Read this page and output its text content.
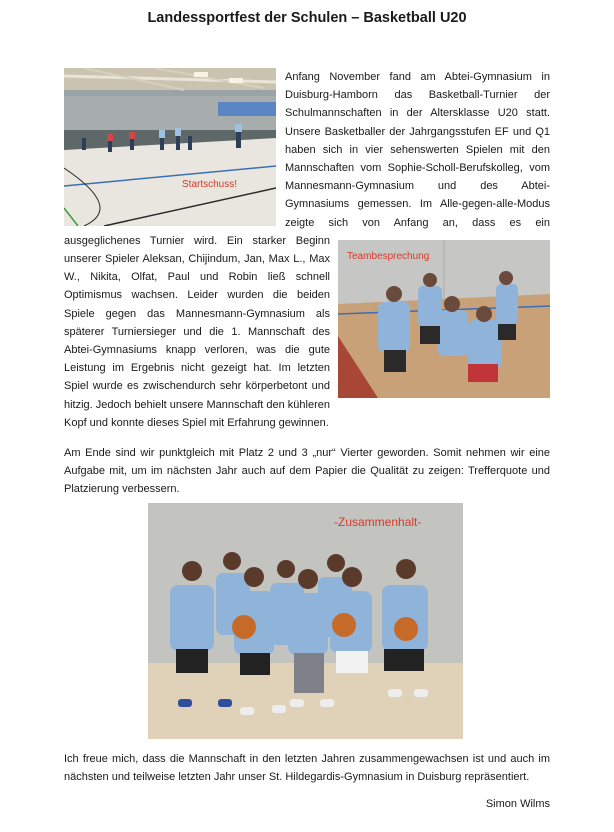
Landessportfest der Schulen – Basketball U20
Startschuss!
Teambesprechung

Anfang November fand am Abtei-Gymnasium in Duisburg-Hamborn das Basketball-Turnier der Schulmannschaften in der Altersklasse U20 statt. Unsere Basketballer der Jahrgangsstufen EF und Q1 haben sich in vier sehenswerten Spielen mit den Mannschaften vom Sophie-Scholl-Berufskolleg, vom Mannesmann-Gymnasium und des Abtei-Gymnasiums gemessen. Im Alle-gegen-alle-Modus zeigte sich von Anfang an, dass es ein ausgeglichenes Turnier wird. Ein starker Beginn unserer Spieler Aleksan, Chijindum, Jan, Max L., Max W., Nikita, Olfat, Paul und Robin ließ schnell Optimismus wachsen. Leider wurden die beiden Spiele gegen das Mannesmann-Gymnasium als späterer Turniersieger und die 1. Mannschaft des Abtei-Gymnasiums knapp verloren, was die gute Leistung im Ergebnis nicht gezeigt hat. Im letzten Spiel wurde es zwischendurch sehr körperbetont und hitzig. Jedoch behielt unsere Mannschaft den kühleren Kopf und konnte dieses Spiel mit Erfahrung gewinnen.

Am Ende sind wir punktgleich mit Platz 2 und 3 „nur“ Vierter geworden. Somit nehmen wir eine Aufgabe mit, um im nächsten Jahr auch auf dem Papier die Qualität zu zeigen: Trefferquote und Platzierung verbessern.

-Zusammenhalt-

Ich freue mich, dass die Mannschaft in den letzten Jahren zusammengewachsen ist und auch im nächsten und teilweise letzten Jahr unser St. Hildegardis-Gymnasium in Duisburg repräsentiert.

Simon Wilms
